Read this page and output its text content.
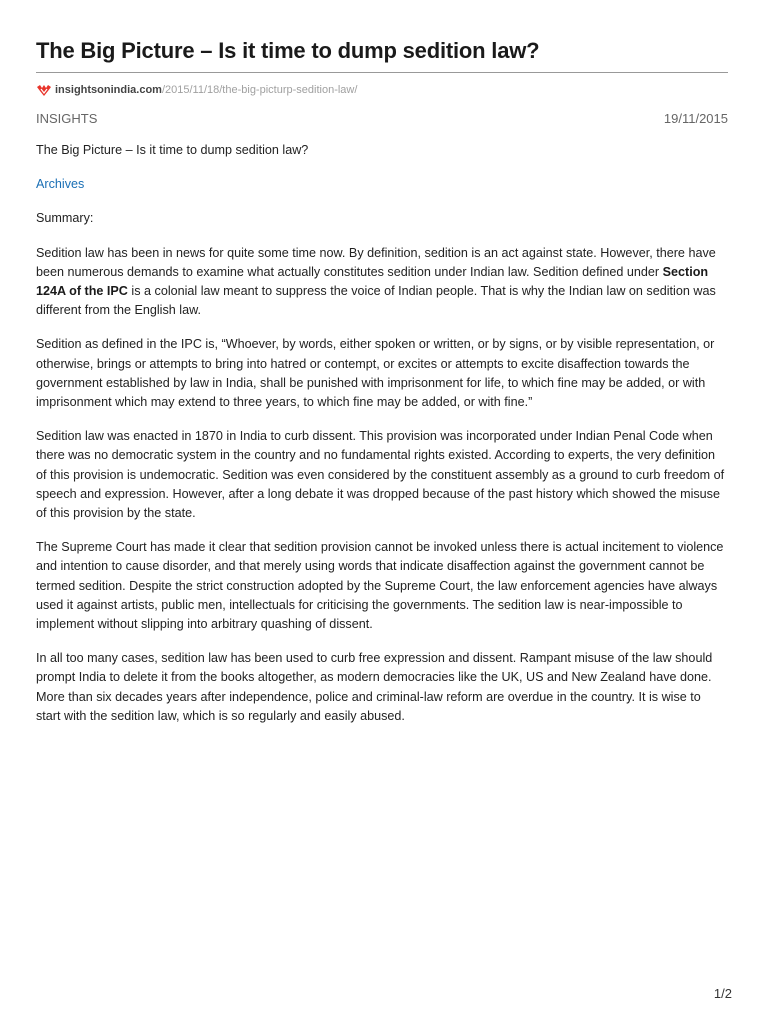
The Big Picture – Is it time to dump sedition law?
insightsonindia.com /2015/11/18/the-big-picturp-sedition-law/
INSIGHTS	19/11/2015

The Big Picture – Is it time to dump sedition law?

Archives

Summary:

Sedition law has been in news for quite some time now. By definition, sedition is an act against state. However, there have been numerous demands to examine what actually constitutes sedition under Indian law. Sedition defined under Section 124A of the IPC is a colonial law meant to suppress the voice of Indian people. That is why the Indian law on sedition was different from the English law.

Sedition as defined in the IPC is, “Whoever, by words, either spoken or written, or by signs, or by visible representation, or otherwise, brings or attempts to bring into hatred or contempt, or excites or attempts to excite disaffection towards the government established by law in India, shall be punished with imprisonment for life, to which fine may be added, or with imprisonment which may extend to three years, to which fine may be added, or with fine.”

Sedition law was enacted in 1870 in India to curb dissent. This provision was incorporated under Indian Penal Code when there was no democratic system in the country and no fundamental rights existed. According to experts, the very definition of this provision is undemocratic. Sedition was even considered by the constituent assembly as a ground to curb freedom of speech and expression. However, after a long debate it was dropped because of the past history which showed the misuse of this provision by the state.

The Supreme Court has made it clear that sedition provision cannot be invoked unless there is actual incitement to violence and intention to cause disorder, and that merely using words that indicate disaffection against the government cannot be termed sedition. Despite the strict construction adopted by the Supreme Court, the law enforcement agencies have always used it against artists, public men, intellectuals for criticising the governments. The sedition law is near-impossible to implement without slipping into arbitrary quashing of dissent.

In all too many cases, sedition law has been used to curb free expression and dissent. Rampant misuse of the law should prompt India to delete it from the books altogether, as modern democracies like the UK, US and New Zealand have done. More than six decades years after independence, police and criminal-law reform are overdue in the country. It is wise to start with the sedition law, which is so regularly and easily abused.

1/2
